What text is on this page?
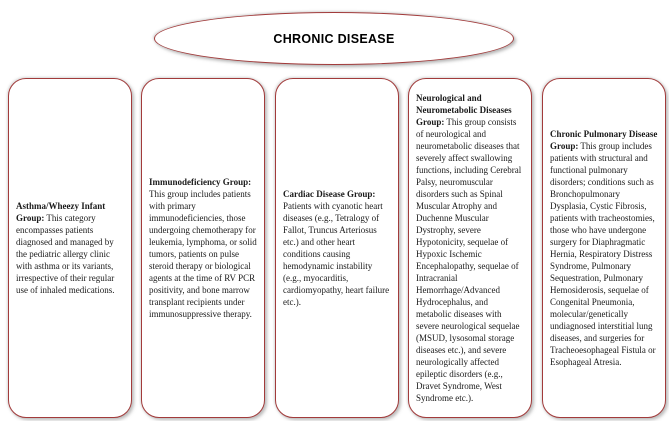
CHRONIC DISEASE
Asthma/Wheezy Infant Group: This category encompasses patients diagnosed and managed by the pediatric allergy clinic with asthma or its variants, irrespective of their regular use of inhaled medications.
Immunodeficiency Group: This group includes patients with primary immunodeficiencies, those undergoing chemotherapy for leukemia, lymphoma, or solid tumors, patients on pulse steroid therapy or biological agents at the time of RV PCR positivity, and bone marrow transplant recipients under immunosuppressive therapy.
Cardiac Disease Group: Patients with cyanotic heart diseases (e.g., Tetralogy of Fallot, Truncus Arteriosus etc.) and other heart conditions causing hemodynamic instability (e.g., myocarditis, cardiomyopathy, heart failure etc.).
Neurological and Neurometabolic Diseases Group: This group consists of neurological and neurometabolic diseases that severely affect swallowing functions, including Cerebral Palsy, neuromuscular disorders such as Spinal Muscular Atrophy and Duchenne Muscular Dystrophy, severe Hypotonicity, sequelae of Hypoxic Ischemic Encephalopathy, sequelae of Intracranial Hemorrhage/Advanced Hydrocephalus, and metabolic diseases with severe neurological sequelae (MSUD, lysosomal storage diseases etc.), and severe neurologically affected epileptic disorders (e.g., Dravet Syndrome, West Syndrome etc.).
Chronic Pulmonary Disease Group: This group includes patients with structural and functional pulmonary disorders; conditions such as Bronchopulmonary Dysplasia, Cystic Fibrosis, patients with tracheostomies, those who have undergone surgery for Diaphragmatic Hernia, Respiratory Distress Syndrome, Pulmonary Sequestration, Pulmonary Hemosiderosis, sequelae of Congenital Pneumonia, molecular/genetically undiagnosed interstitial lung diseases, and surgeries for Tracheoesophageal Fistula or Esophageal Atresia.
